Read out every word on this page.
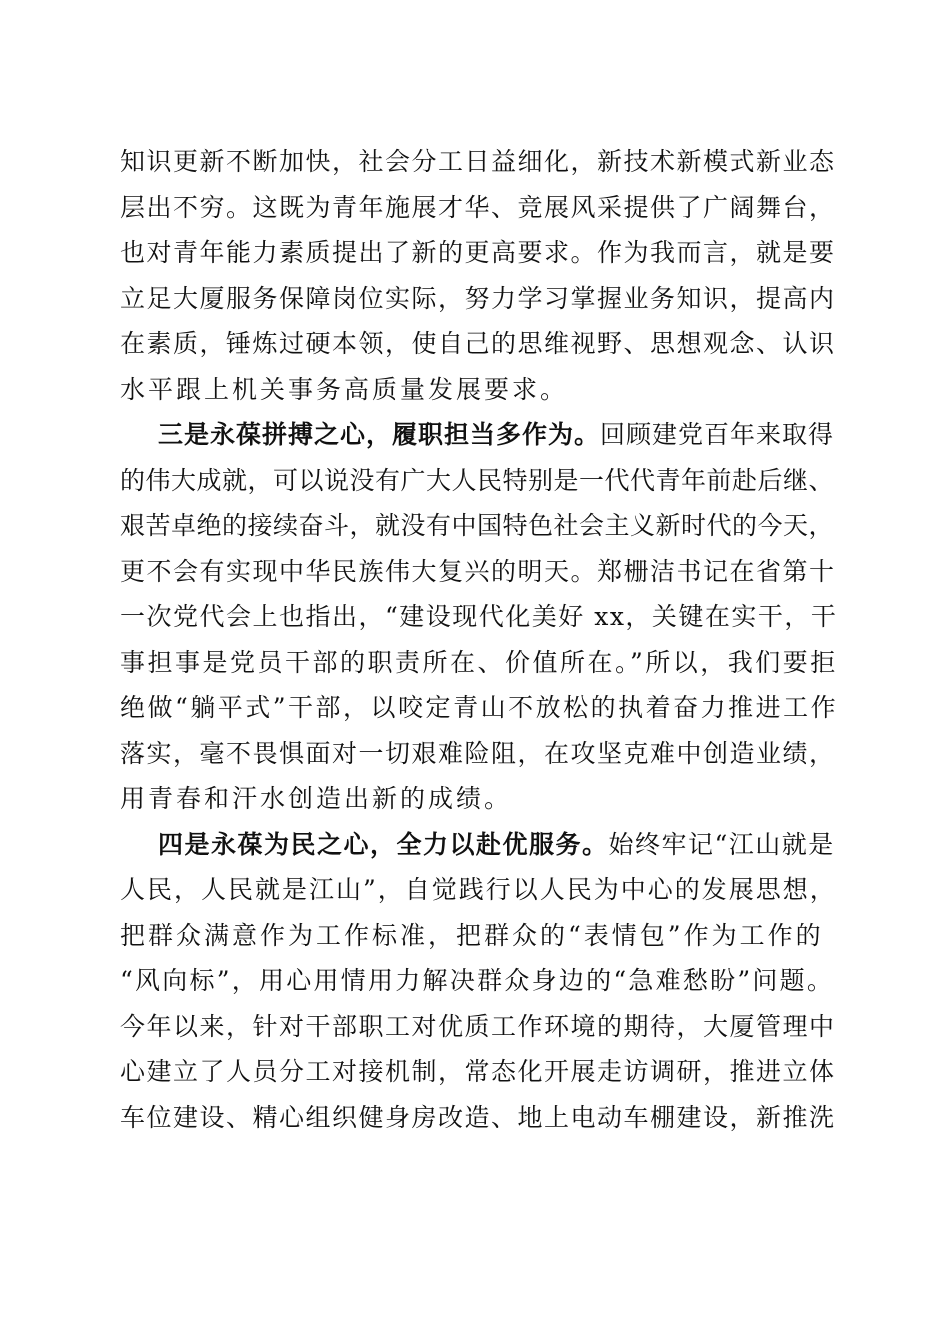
知识更新不断加快，社会分工日益细化，新技术新模式新业态
层出不穷。这既为青年施展才华、竞展风采提供了广阔舞台，
也对青年能力素质提出了新的更高要求。作为我而言，就是要
立足大厦服务保障岗位实际，努力学习掌握业务知识，提高内
在素质，锤炼过硬本领，使自己的思维视野、思想观念、认识
水平跟上机关事务高质量发展要求。
三是永葆拼搏之心，履职担当多作为。回顾建党百年来取得
的伟大成就，可以说没有广大人民特别是一代代青年前赴后继、
艰苦卓绝的接续奋斗，就没有中国特色社会主义新时代的今天，
更不会有实现中华民族伟大复兴的明天。郑栅洁书记在省第十
一次党代会上也指出，“建设现代化美好 xx，关键在实干，干
事担事是党员干部的职责所在、价值所在。”所以，我们要拒
绝做“躺平式”干部，以咬定青山不放松的执着奋力推进工作
落实，毫不畏惧面对一切艰难险阻，在攻坚克难中创造业绩，
用青春和汗水创造出新的成绩。
四是永葆为民之心，全力以赴优服务。始终牢记“江山就是
人民，人民就是江山”，自觉践行以人民为中心的发展思想，
把群众满意作为工作标准，把群众的“表情包”作为工作的
“风向标”，用心用情用力解决群众身边的“急难愁盼”问题。
今年以来，针对干部职工对优质工作环境的期待，大厦管理中
心建立了人员分工对接机制，常态化开展走访调研，推进立体
车位建设、精心组织健身房改造、地上电动车棚建设，新推洗
